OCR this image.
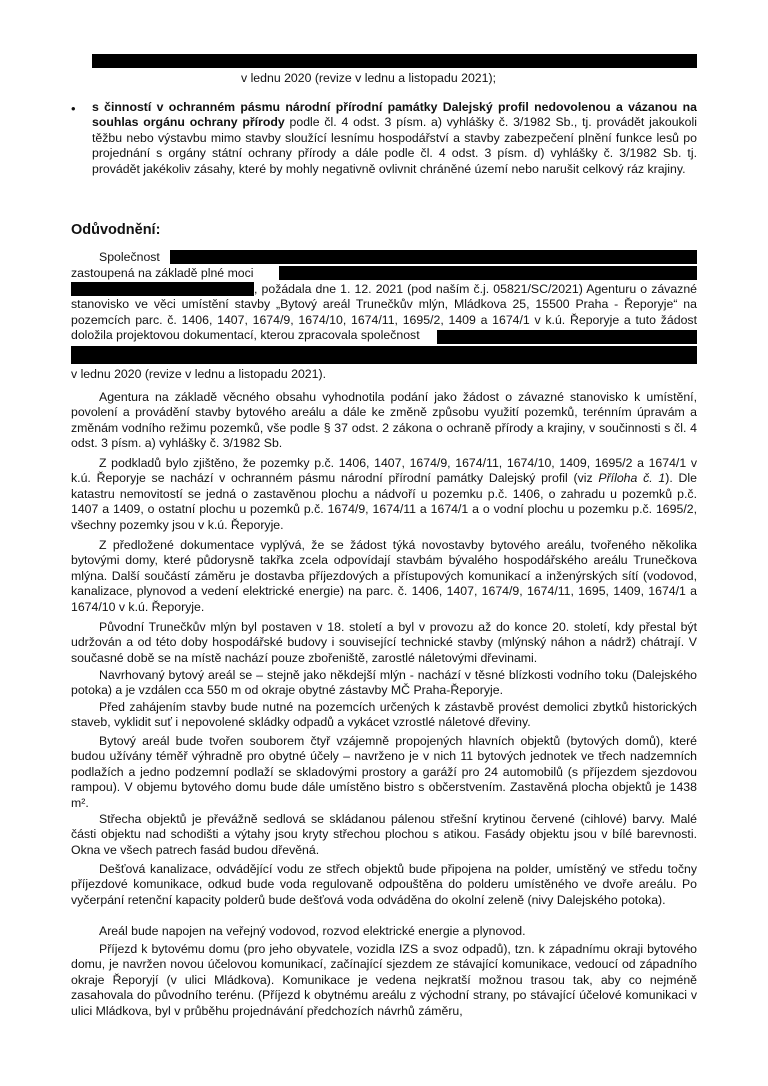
v lednu 2020 (revize v lednu a listopadu 2021);
• s činností v ochranném pásmu národní přírodní památky Dalejský profil nedovolenou a vázanou na souhlas orgánu ochrany přírody podle čl. 4 odst. 3 písm. a) vyhlášky č. 3/1982 Sb., tj. provádět jakoukoli těžbu nebo výstavbu mimo stavby sloužící lesnímu hospodářství a stavby zabezpečení plnění funkce lesů po projednání s orgány státní ochrany přírody a dále podle čl. 4 odst. 3 písm. d) vyhlášky č. 3/1982 Sb. tj. provádět jakékoliv zásahy, které by mohly negativně ovlivnit chráněné území nebo narušit celkový ráz krajiny.
Odůvodnění:
Společnost
zastoupená na základě plné moci
, požádala dne 1. 12. 2021 (pod naším č.j. 05821/SC/2021) Agenturu o závazné stanovisko ve věci umístění stavby „Bytový areál Trunečkův mlýn, Mládkova 25, 15500 Praha - Řeporyje“ na pozemcích parc. č. 1406, 1407, 1674/9, 1674/10, 1674/11, 1695/2, 1409 a 1674/1 v k.ú. Řeporyje a tuto žádost doložila projektovou dokumentací, kterou zpracovala společnost
v lednu 2020 (revize v lednu a listopadu 2021).

Agentura na základě věcného obsahu vyhodnotila podání jako žádost o závazné stanovisko k umístění, povolení a provádění stavby bytového areálu a dále ke změně způsobu využití pozemků, terénním úpravám a změnám vodního režimu pozemků, vše podle § 37 odst. 2 zákona o ochraně přírody a krajiny, v součinnosti s čl. 4 odst. 3 písm. a) vyhlášky č. 3/1982 Sb.

Z podkladů bylo zjištěno, že pozemky p.č. 1406, 1407, 1674/9, 1674/11, 1674/10, 1409, 1695/2 a 1674/1 v k.ú. Řeporyje se nachází v ochranném pásmu národní přírodní památky Dalejský profil (viz Příloha č. 1). Dle katastru nemovitostí se jedná o zastavěnou plochu a nádvoří u pozemku p.č. 1406, o zahradu u pozemků p.č. 1407 a 1409, o ostatní plochu u pozemků p.č. 1674/9, 1674/11 a 1674/1 a o vodní plochu u pozemku p.č. 1695/2, všechny pozemky jsou v k.ú. Řeporyje.

Z předložené dokumentace vyplývá, že se žádost týká novostavby bytového areálu, tvořeného několika bytovými domy, které půdorysně takřka zcela odpovídají stavbám bývalého hospodářského areálu Trunečkova mlýna. Další součástí záměru je dostavba příjezdových a přístupových komunikací a inženýrských sítí (vodovod, kanalizace, plynovod a vedení elektrické energie) na parc. č. 1406, 1407, 1674/9, 1674/11, 1695, 1409, 1674/1 a 1674/10 v k.ú. Řeporyje.

Původní Trunečkův mlýn byl postaven v 18. století a byl v provozu až do konce 20. století, kdy přestal být udržován a od této doby hospodářské budovy i související technické stavby (mlýnský náhon a nádrž) chátrají. V současné době se na místě nachází pouze zbořeniště, zarostlé náletovými dřevinami.

Navrhovaný bytový areál se – stejně jako někdejší mlýn - nachází v těsné blízkosti vodního toku (Dalejského potoka) a je vzdálen cca 550 m od okraje obytné zástavby MČ Praha-Řeporyje.

Před zahájením stavby bude nutné na pozemcích určených k zástavbě provést demolici zbytků historických staveb, vyklidit suť i nepovolené skládky odpadů a vykácet vzrostlé náletové dřeviny.

Bytový areál bude tvořen souborem čtyř vzájemně propojených hlavních objektů (bytových domů), které budou užívány téměř výhradně pro obytné účely – navrženo je v nich 11 bytových jednotek ve třech nadzemních podlažích a jedno podzemní podlaží se skladovými prostory a garáží pro 24 automobilů (s příjezdem sjezdovou rampou). V objemu bytového domu bude dále umístěno bistro s občerstvením. Zastavěná plocha objektů je 1438 m².

Střecha objektů je převážně sedlová se skládanou pálenou střešní krytinou červené (cihlové) barvy. Malé části objektu nad schodišti a výtahy jsou kryty střechou plochou s atikou. Fasády objektu jsou v bílé barevnosti. Okna ve všech patrech fasád budou dřevěná.

Dešťová kanalizace, odvádějící vodu ze střech objektů bude připojena na polder, umístěný ve středu točny příjezdové komunikace, odkud bude voda regulovaně odpouštěna do polderu umístěného ve dvoře areálu. Po vyčerpání retenční kapacity polderů bude dešťová voda odváděna do okolní zeleně (nivy Dalejského potoka).

Areál bude napojen na veřejný vodovod, rozvod elektrické energie a plynovod.

Příjezd k bytovému domu (pro jeho obyvatele, vozidla IZS a svoz odpadů), tzn. k západnímu okraji bytového domu, je navržen novou účelovou komunikací, začínající sjezdem ze stávající komunikace, vedoucí od západního okraje Řeporyjí (v ulici Mládkova). Komunikace je vedena nejkratší možnou trasou tak, aby co nejméně zasahovala do původního terénu. (Příjezd k obytnému areálu z východní strany, po stávající účelové komunikaci v ulici Mládkova, byl v průběhu projednávání předchozích návrhů záměru,
